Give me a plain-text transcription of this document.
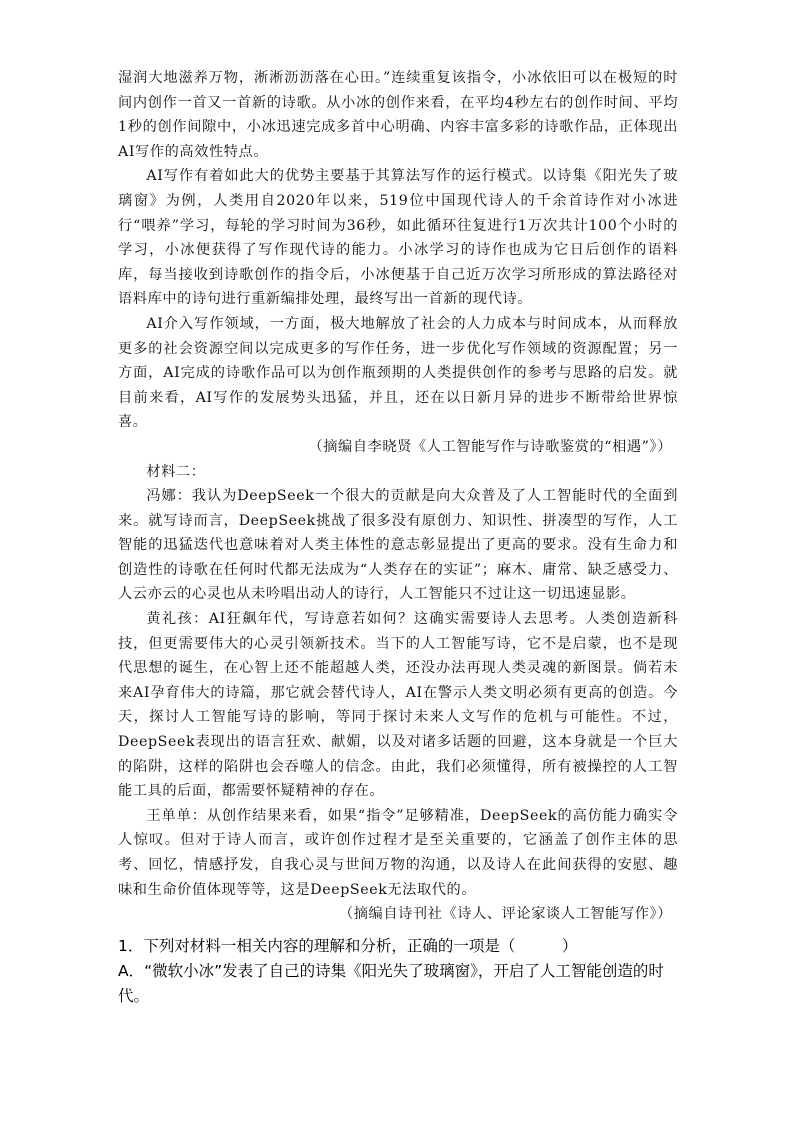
湿润大地滋养万物，淅淅沥沥落在心田。”连续重复该指令，小冰依旧可以在极短的时间内创作一首又一首新的诗歌。从小冰的创作来看，在平均4秒左右的创作时间、平均1秒的创作间隙中，小冰迅速完成多首中心明确、内容丰富多彩的诗歌作品，正体现出AI写作的高效性特点。

AI写作有着如此大的优势主要基于其算法写作的运行模式。以诗集《阳光失了玻璃窗》为例，人类用自2020年以来，519位中国现代诗人的千余首诗作对小冰进行“喂养”学习，每轮的学习时间为36秒，如此循环往复进行1万次共计100个小时的学习，小冰便获得了写作现代诗的能力。小冰学习的诗作也成为它日后创作的语料库，每当接收到诗歌创作的指令后，小冰便基于自己近万次学习所形成的算法路径对语料库中的诗句进行重新编排处理，最终写出一首新的现代诗。

AI介入写作领域，一方面，极大地解放了社会的人力成本与时间成本，从而释放更多的社会资源空间以完成更多的写作任务，进一步优化写作领域的资源配置；另一方面，AI完成的诗歌作品可以为创作瓶颈期的人类提供创作的参考与思路的启发。就目前来看，AI写作的发展势头迅猛，并且，还在以日新月异的进步不断带给世界惊喜。

（摘编自李晓贤《人工智能写作与诗歌鉴赏的“相遇”》）

材料二：

冯娜：我认为DeepSeek一个很大的贡献是向大众普及了人工智能时代的全面到来。就写诗而言，DeepSeek挑战了很多没有原创力、知识性、拼凑型的写作，人工智能的迅猛迭代也意味着对人类主体性的意志彰显提出了更高的要求。没有生命力和创造性的诗歌在任何时代都无法成为“人类存在的实证”；麻木、庸常、缺乏感受力、人云亦云的心灵也从未吟唱出动人的诗行，人工智能只不过让这一切迅速显影。

黄礼孩：AI狂飙年代，写诗意若如何？这确实需要诗人去思考。人类创造新科技，但更需要伟大的心灵引领新技术。当下的人工智能写诗，它不是启蒙，也不是现代思想的诞生，在心智上还不能超越人类，还没办法再现人类灵魂的新图景。倘若未来AI孕育伟大的诗篇，那它就会替代诗人，AI在警示人类文明必须有更高的创造。今天，探讨人工智能写诗的影响，等同于探讨未来人文写作的危机与可能性。不过，DeepSeek表现出的语言狂欢、献媚，以及对诸多话题的回避，这本身就是一个巨大的陷阱，这样的陷阱也会吞噬人的信念。由此，我们必须懂得，所有被操控的人工智能工具的后面，都需要怀疑精神的存在。

王单单：从创作结果来看，如果“指令”足够精准，DeepSeek的高仿能力确实令人惊叹。但对于诗人而言，或许创作过程才是至关重要的，它涵盖了创作主体的思考、回忆，情感抒发，自我心灵与世间万物的沟通，以及诗人在此间获得的安慰、趣味和生命价值体现等等，这是DeepSeek无法取代的。

（摘编自诗刊社《诗人、评论家谈人工智能写作》）

1．下列对材料一相关内容的理解和分析，正确的一项是（　　　）

A．“微软小冰”发表了自己的诗集《阳光失了玻璃窗》，开启了人工智能创造的时代。
